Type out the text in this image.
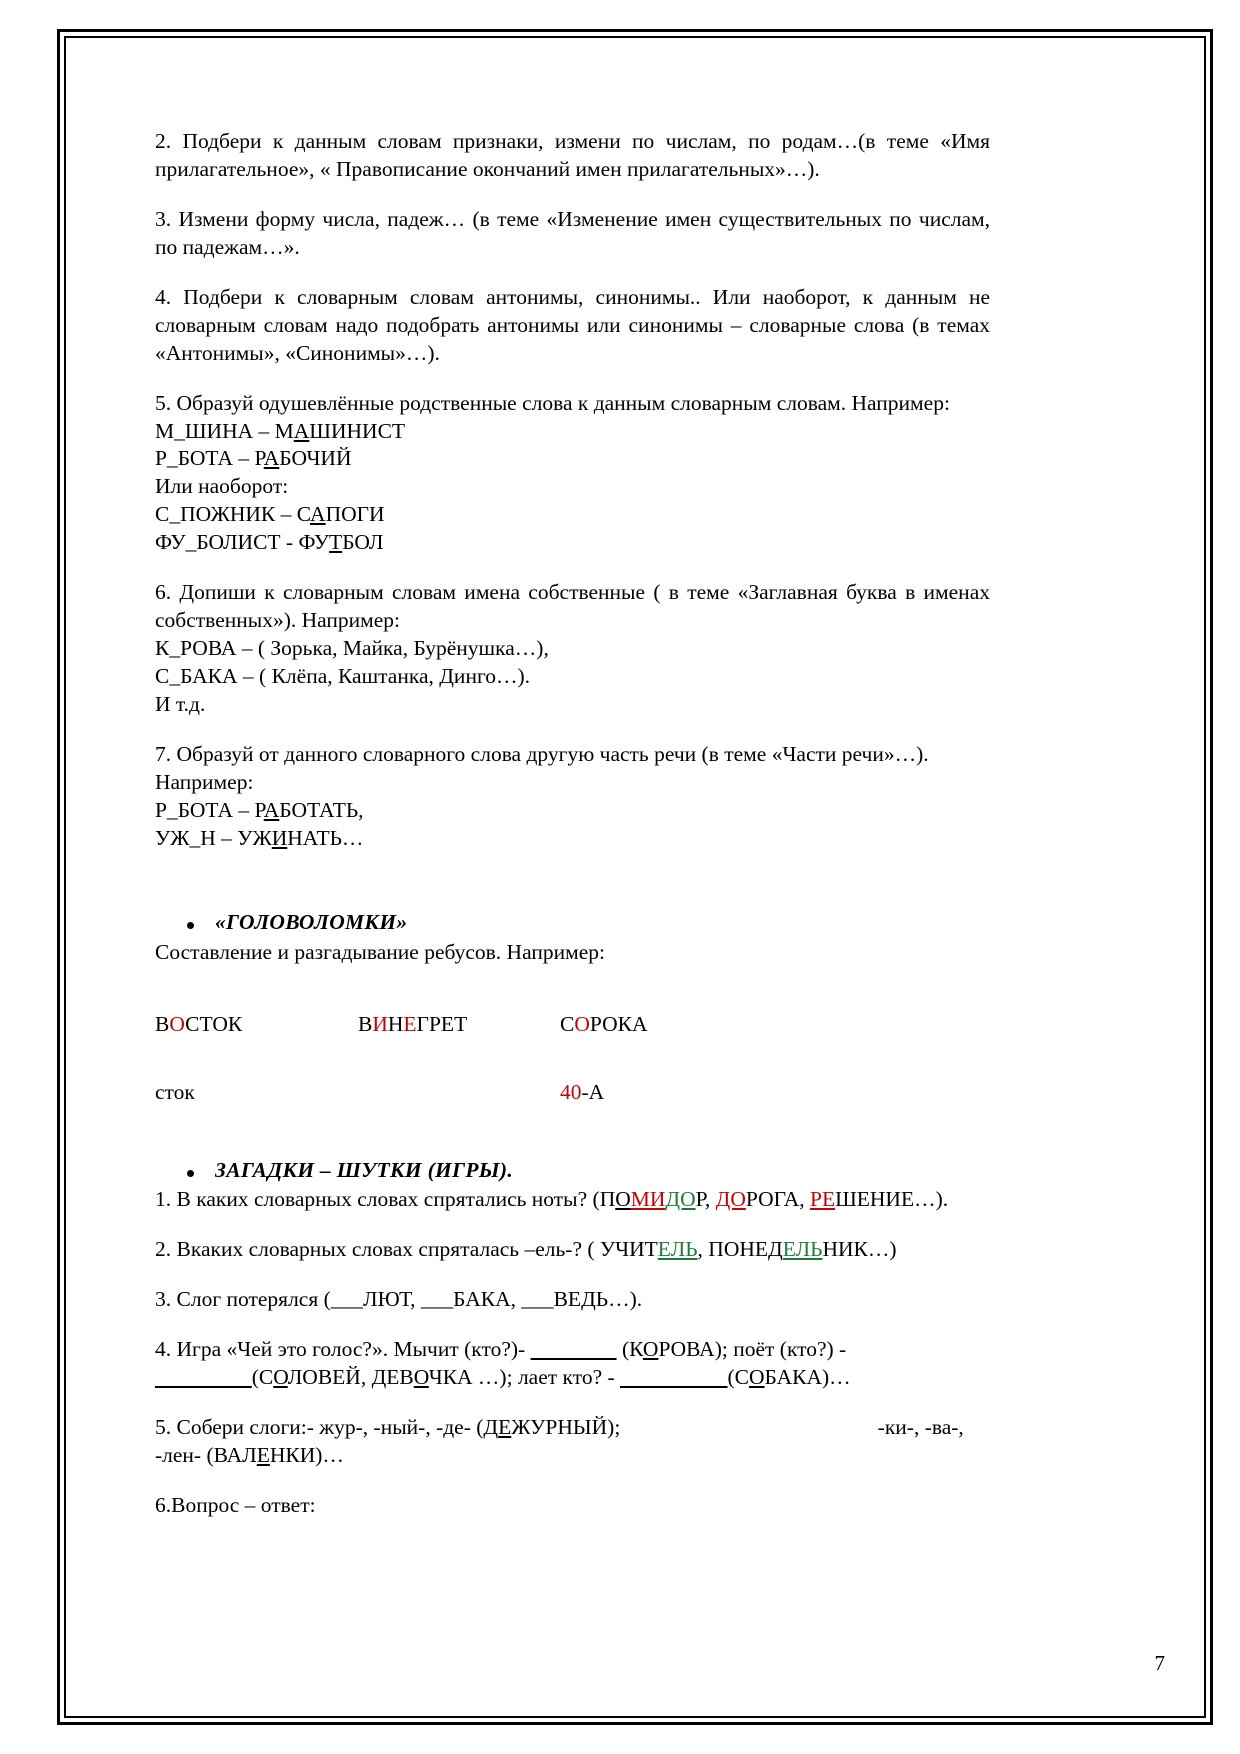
2. Подбери к данным словам признаки, измени по числам, по родам…(в теме «Имя прилагательное», « Правописание окончаний имен прилагательных»…).

3. Измени форму числа, падеж… (в теме «Изменение имен существительных по числам, по падежам…».

4. Подбери к словарным словам антонимы, синонимы.. Или наоборот, к данным не словарным словам надо подобрать антонимы или синонимы – словарные слова (в темах «Антонимы», «Синонимы»…).

5. Образуй одушевлённые родственные слова к данным словарным словам. Например:
М_ШИНА – МАШИНИСТ
Р_БОТА – РАБОЧИЙ
Или наоборот:
С_ПОЖНИК – САПОГИ
ФУ_БОЛИСТ - ФУТБОЛ

6. Допиши к словарным словам имена собственные ( в теме «Заглавная буква в именах собственных»). Например:

К_РОВА – ( Зорька, Майка, Бурёнушка…),
С_БАКА – ( Клёпа, Каштанка, Динго…).
И т.д.
7. Образуй от данного словарного слова другую часть речи (в теме «Части речи»…).
Например:
Р_БОТА – РАБОТАТЬ,
УЖ_Н – УЖИНАТЬ…
«ГОЛОВОЛОМКИ»
Составление и разгадывание ребусов. Например:
ВОСТОК	ВИНЕГРЕТ	СОРОКА
сток	40-А
ЗАГАДКИ – ШУТКИ (ИГРЫ).
1. В каких словарных словах спрятались ноты? (ПОМИДОР, ДОРОГА, РЕШЕНИЕ…).
2. Вкаких словарных словах спряталась –ель-? ( УЧИТЕЛЬ, ПОНЕДЕЛЬНИК…)
3. Слог потерялся (___ЛЮТ, ___БАКА, ___ВЕДЬ…).
4. Игра «Чей это голос?». Мычит (кто?)-	(КОРОВА); поёт (кто?) -                   (СОЛОВЕЙ, ДЕВОЧКА …); лает кто? -	(СОБАКА)…
5. Собери слоги:- жур-, -ный-, -де- (ДЕЖУРНЫЙ);	-ки-, -ва-, -лен- (ВАЛЕНКИ)…
6.Вопрос – ответ:
7
